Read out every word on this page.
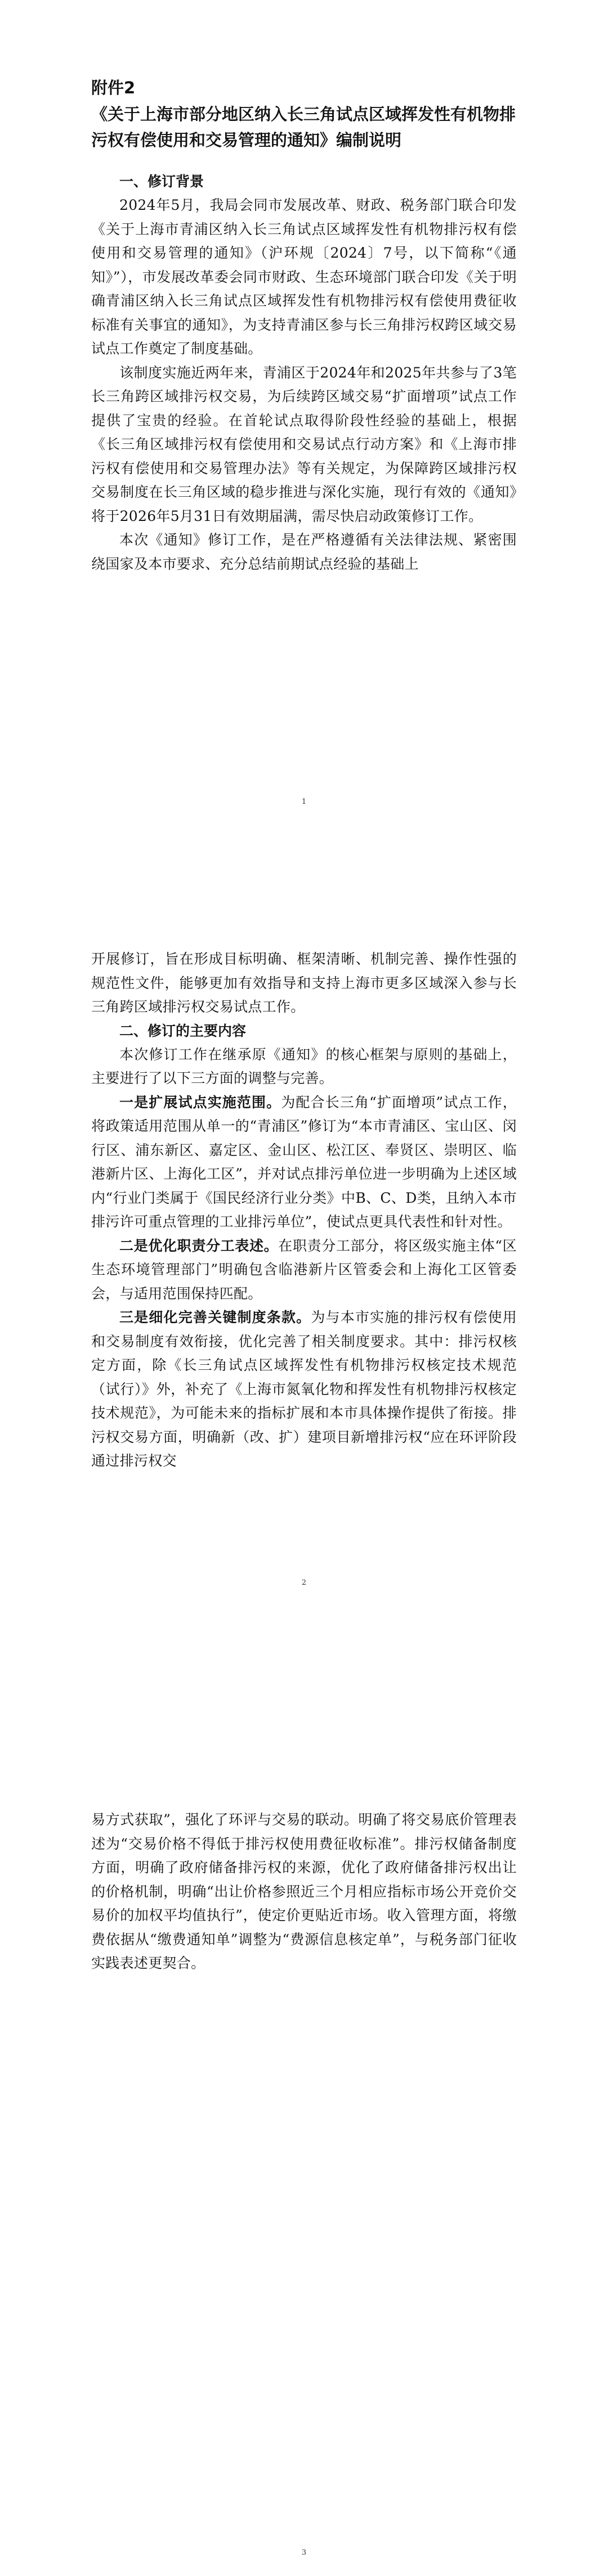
附件2

《关于上海市部分地区纳入长三角试点区域挥发性有机物排污权有偿使用和交易管理的通知》编制说明

一、修订背景

2024年5月，我局会同市发展改革、财政、税务部门联合印发《关于上海市青浦区纳入长三角试点区域挥发性有机物排污权有偿使用和交易管理的通知》（沪环规〔2024〕7号，以下简称“《通知》”），市发展改革委会同市财政、生态环境部门联合印发《关于明确青浦区纳入长三角试点区域挥发性有机物排污权有偿使用费征收标准有关事宜的通知》，为支持青浦区参与长三角排污权跨区域交易试点工作奠定了制度基础。

该制度实施近两年来，青浦区于2024年和2025年共参与了3笔长三角跨区域排污权交易，为后续跨区域交易“扩面增项”试点工作提供了宝贵的经验。在首轮试点取得阶段性经验的基础上，根据《长三角区域排污权有偿使用和交易试点行动方案》和《上海市排污权有偿使用和交易管理办法》等有关规定，为保障跨区域排污权交易制度在长三角区域的稳步推进与深化实施，现行有效的《通知》将于2026年5月31日有效期届满，需尽快启动政策修订工作。

本次《通知》修订工作，是在严格遵循有关法律法规、紧密围绕国家及本市要求、充分总结前期试点经验的基础上

1

开展修订，旨在形成目标明确、框架清晰、机制完善、操作性强的规范性文件，能够更加有效指导和支持上海市更多区域深入参与长三角跨区域排污权交易试点工作。

二、修订的主要内容

本次修订工作在继承原《通知》的核心框架与原则的基础上，主要进行了以下三方面的调整与完善。

一是扩展试点实施范围。为配合长三角“扩面增项”试点工作，将政策适用范围从单一的“青浦区”修订为“本市青浦区、宝山区、闵行区、浦东新区、嘉定区、金山区、松江区、奉贤区、崇明区、临港新片区、上海化工区”，并对试点排污单位进一步明确为上述区域内“行业门类属于《国民经济行业分类》中B、C、D类，且纳入本市排污许可重点管理的工业排污单位”，使试点更具代表性和针对性。

二是优化职责分工表述。在职责分工部分，将区级实施主体“区生态环境管理部门”明确包含临港新片区管委会和上海化工区管委会，与适用范围保持匹配。

三是细化完善关键制度条款。为与本市实施的排污权有偿使用和交易制度有效衔接，优化完善了相关制度要求。其中：排污权核定方面，除《长三角试点区域挥发性有机物排污权核定技术规范（试行）》外，补充了《上海市氮氧化物和挥发性有机物排污权核定技术规范》，为可能未来的指标扩展和本市具体操作提供了衔接。排污权交易方面，明确新（改、扩）建项目新增排污权“应在环评阶段通过排污权交

2

易方式获取”，强化了环评与交易的联动。明确了将交易底价管理表述为“交易价格不得低于排污权使用费征收标准”。排污权储备制度方面，明确了政府储备排污权的来源，优化了政府储备排污权出让的价格机制，明确“出让价格参照近三个月相应指标市场公开竞价交易价的加权平均值执行”，使定价更贴近市场。收入管理方面，将缴费依据从“缴费通知单”调整为“费源信息核定单”，与税务部门征收实践表述更契合。

3
